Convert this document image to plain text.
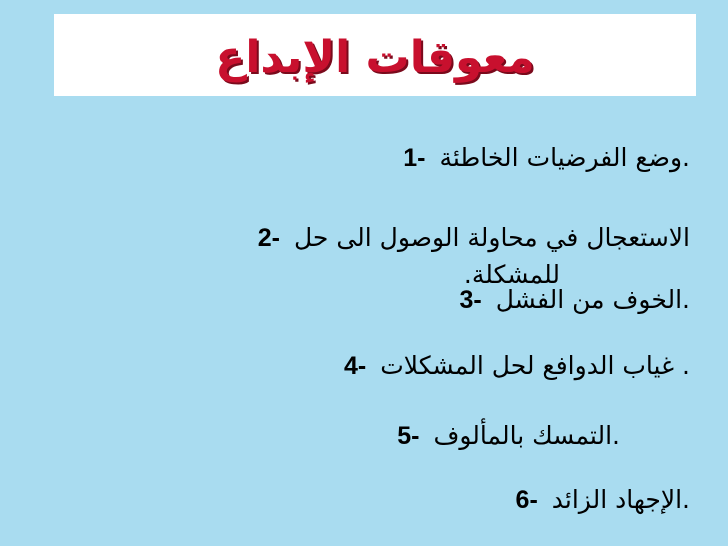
معوقات الإبداع
.وضع الفرضيات الخاطئة1-
الاستعجال في محاولة الوصول الى حل2-
للمشكلة.
.الخوف من الفشل3-
. غياب الدوافع لحل المشكلات4-
.التمسك بالمألوف5-
.الإجهاد الزائد6-
